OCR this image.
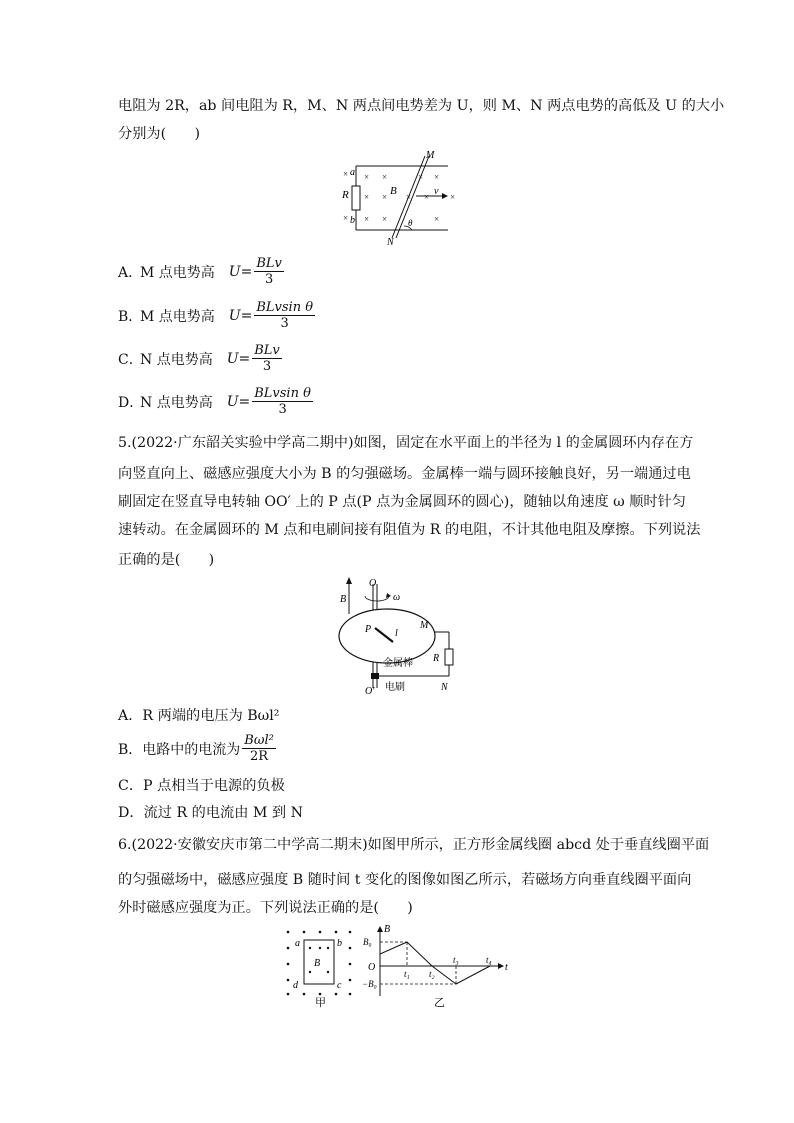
电阻为 2R，ab 间电阻为 R，M、N 两点间电势差为 U，则 M、N 两点电势的高低及 U 的大小
分别为(　　)
× × ×	× ×
× × × × ×
× × ×	×
a
b
R	B
M
N
v
θ
A．
M 点电势高 $U= \frac{\text{BLv}}{3}$
B．
M 点电势高 $U= \frac{\text{BLvsin θ}}{3}$
C．
N 点电势高 $U= \frac{\text{BLv}}{3}$
D．
N 点电势高 $U= \frac{\text{BLvsin θ}}{3}$
5.(2022·广东韶关实验中学高二期中)如图，固定在水平面上的半径为 l 的金属圆环内存在方
向竖直向上、磁感应强度大小为 B 的匀强磁场。金属棒一端与圆环接触良好，另一端通过电
刷固定在竖直导电转轴 OO′ 上的 P 点(P 点为金属圆环的圆心)，随轴以角速度 ω 顺时针匀
速转动。在金属圆环的 M 点和电刷间接有阻值为 R 的电阻，不计其他电阻及摩擦。下列说法
正确的是(　　)
O
O′
B	ω
P l
M
R
N
金属棒
电刷
A．R 两端的电压为 Bωl²
B．电路中的电流为 $\frac{\text{Bωl²}}{2R}$
C．P 点相当于电源的负极
D．流过 R 的电流由 M 到 N
6.(2022·安徽安庆市第二中学高二期末)如图甲所示，正方形金属线圈 abcd 处于垂直线圈平面
的匀强磁场中，磁感应强度 B 随时间 t 变化的图像如图乙所示，若磁场方向垂直线圈平面向
外时磁感应强度为正。下列说法正确的是(　　)
a	b
c
d
B
甲
B
B₀
O
−B₀
t
t₁ t₂
t₃	t₄
乙
